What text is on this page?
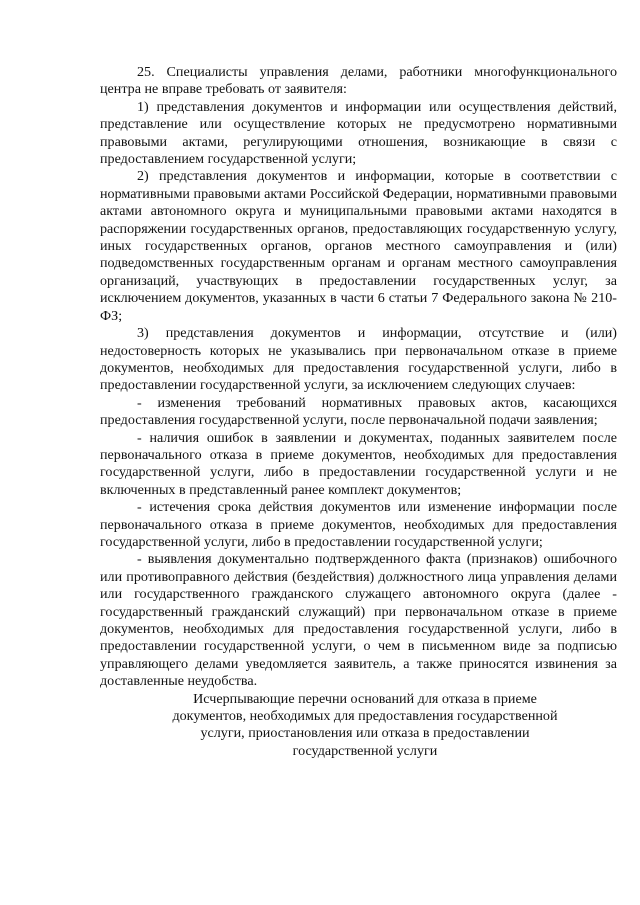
25. Специалисты управления делами, работники многофункционального центра не вправе требовать от заявителя:

1) представления документов и информации или осуществления действий, представление или осуществление которых не предусмотрено нормативными правовыми актами, регулирующими отношения, возникающие в связи с предоставлением государственной услуги;

2) представления документов и информации, которые в соответствии с нормативными правовыми актами Российской Федерации, нормативными правовыми актами автономного округа и муниципальными правовыми актами находятся в распоряжении государственных органов, предоставляющих государственную услугу, иных государственных органов, органов местного самоуправления и (или) подведомственных государственным органам и органам местного самоуправления организаций, участвующих в предоставлении государственных услуг, за исключением документов, указанных в части 6 статьи 7 Федерального закона № 210-ФЗ;

3) представления документов и информации, отсутствие и (или) недостоверность которых не указывались при первоначальном отказе в приеме документов, необходимых для предоставления государственной услуги, либо в предоставлении государственной услуги, за исключением следующих случаев:

- изменения требований нормативных правовых актов, касающихся предоставления государственной услуги, после первоначальной подачи заявления;

- наличия ошибок в заявлении и документах, поданных заявителем после первоначального отказа в приеме документов, необходимых для предоставления государственной услуги, либо в предоставлении государственной услуги и не включенных в представленный ранее комплект документов;

- истечения срока действия документов или изменение информации после первоначального отказа в приеме документов, необходимых для предоставления государственной услуги, либо в предоставлении государственной услуги;

- выявления документально подтвержденного факта (признаков) ошибочного или противоправного действия (бездействия) должностного лица управления делами или государственного гражданского служащего автономного округа (далее - государственный гражданский служащий) при первоначальном отказе в приеме документов, необходимых для предоставления государственной услуги, либо в предоставлении государственной услуги, о чем в письменном виде за подписью управляющего делами уведомляется заявитель, а также приносятся извинения за доставленные неудобства.

Исчерпывающие перечни оснований для отказа в приеме
документов, необходимых для предоставления государственной
услуги, приостановления или отказа в предоставлении
государственной услуги
